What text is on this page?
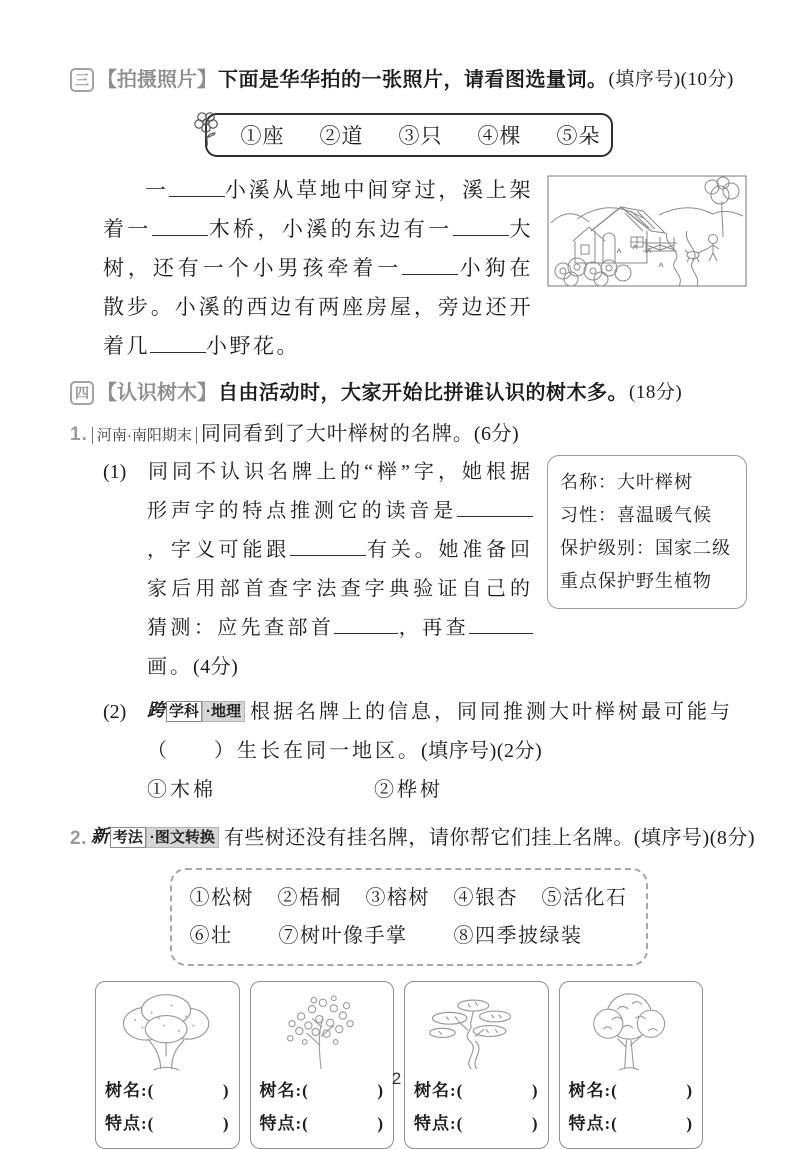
三 【拍摄照片】 下面是华华拍的一张照片，请看图选量词。 (填序号)(10分)
①座 ②道 ③只 ④棵 ⑤朵

一	小溪从草地中间穿过，溪上架着一	木桥，小溪的东边有一	大树，还有一个小男孩牵着一	小狗在散步。小溪的西边有两座房屋，旁边还开着几	小野花。

四 【认识树木】 自由活动时，大家开始比拼谁认识的树木多。 (18分)
1. 河南·南阳期末 同同看到了大叶榉树的名牌。(6分)
名称：大叶榉树
习性：喜温暖气候
保护级别：国家二级
重点保护野生植物
(1) 同同不认识名牌上的“榉”字，她根据形声字的特点推测它的读音是，字义可能跟	有关。她准备回家后用部首查字法查字典验证自己的猜测：应先查部首	，再查画。(4分)
(2) 跨 学科 ·地理 根据名牌上的信息，同同推测大叶榉树最可能与
（ ）生长在同一地区。(填序号)(2分)
①木棉	②桦树
2. 新 考法 ·图文转换 有些树还没有挂名牌，请你帮它们挂上名牌。(填序号)(8分)
①松树 ②梧桐 ③榕树 ④银杏 ⑤活化石
⑥壮 ⑦树叶像手掌 ⑧四季披绿装
树名:(	)
特点:(	)
树名:(	)
特点:(	)
树名:(	)
特点:(	)
树名:(	)
特点:(	)
2
